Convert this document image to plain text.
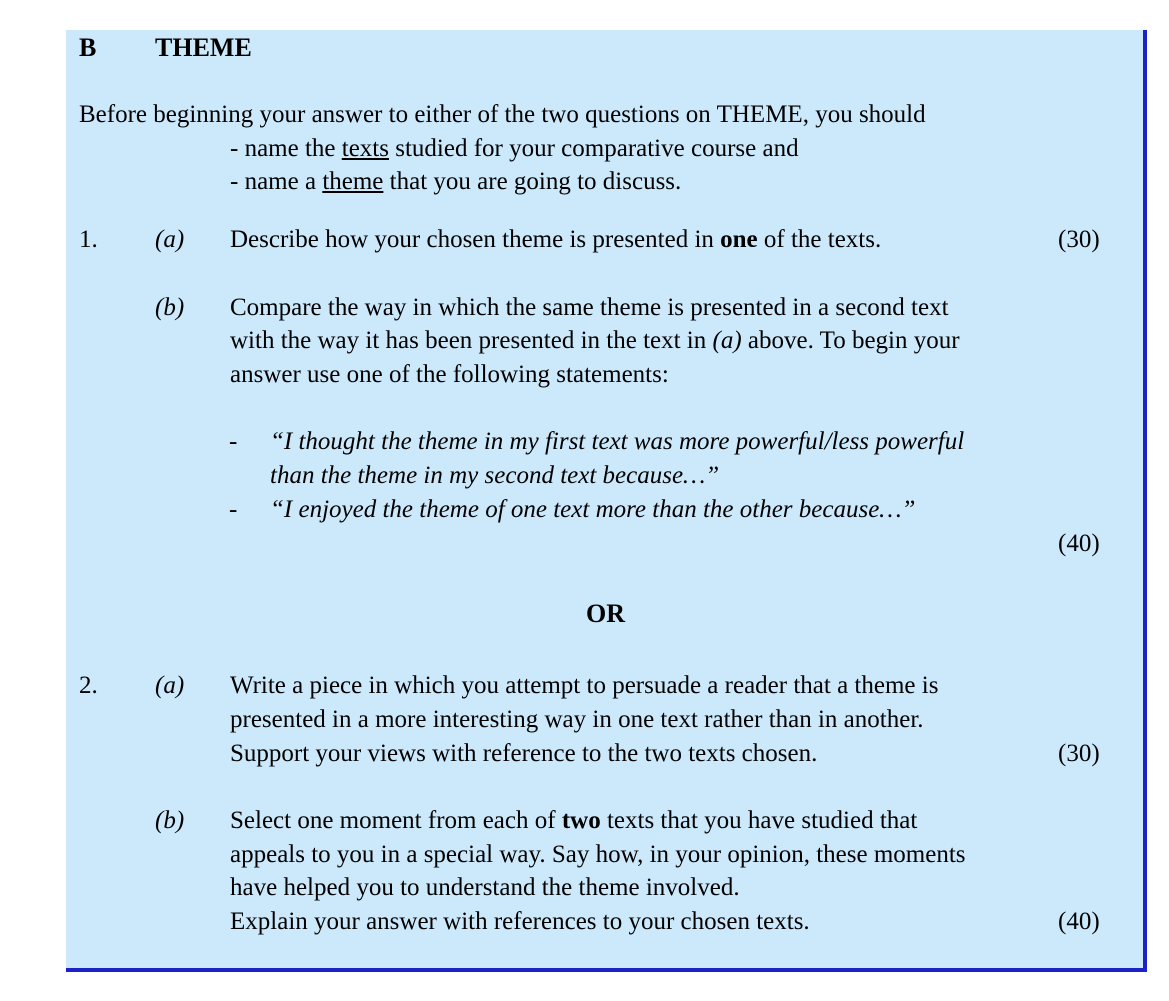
B THEME
Before beginning your answer to either of the two questions on THEME, you should
- name the texts studied for your comparative course and
- name a theme that you are going to discuss.
1. (a) Describe how your chosen theme is presented in one of the texts.	(30)
(b) Compare the way in which the same theme is presented in a second text
with the way it has been presented in the text in (a) above. To begin your
answer use one of the following statements:
- “I thought the theme in my first text was more powerful/less powerful
than the theme in my second text because…”
- “I enjoyed the theme of one text more than the other because…”
(40)
OR
2. (a) Write a piece in which you attempt to persuade a reader that a theme is
presented in a more interesting way in one text rather than in another.
Support your views with reference to the two texts chosen.	(30)
(b) Select one moment from each of two texts that you have studied that
appeals to you in a special way. Say how, in your opinion, these moments
have helped you to understand the theme involved.
Explain your answer with references to your chosen texts.	(40)
